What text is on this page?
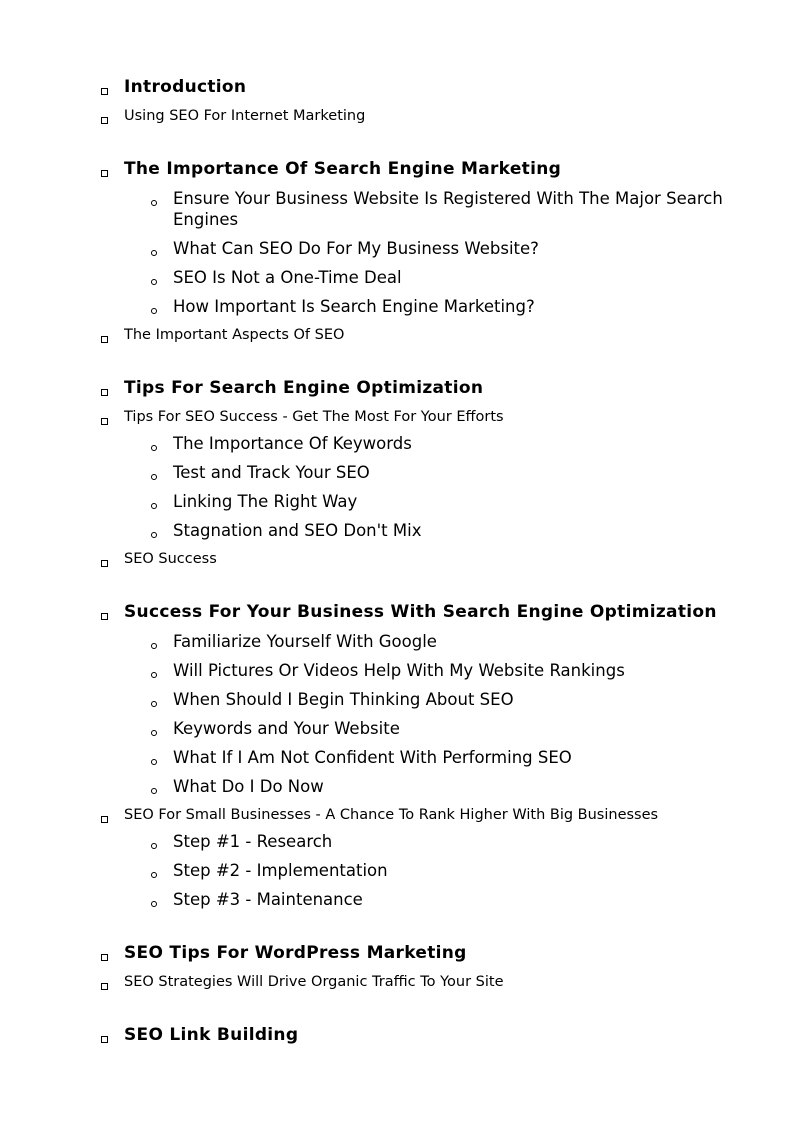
Introduction
Using SEO For Internet Marketing
The Importance Of Search Engine Marketing
Ensure Your Business Website Is Registered With The Major Search Engines
What Can SEO Do For My Business Website?
SEO Is Not a One-Time Deal
How Important Is Search Engine Marketing?
The Important Aspects Of SEO
Tips For Search Engine Optimization
Tips For SEO Success - Get The Most For Your Efforts
The Importance Of Keywords
Test and Track Your SEO
Linking The Right Way
Stagnation and SEO Don't Mix
SEO Success
Success For Your Business With Search Engine Optimization
Familiarize Yourself With Google
Will Pictures Or Videos Help With My Website Rankings
When Should I Begin Thinking About SEO
Keywords and Your Website
What If I Am Not Confident With Performing SEO
What Do I Do Now
SEO For Small Businesses - A Chance To Rank Higher With Big Businesses
Step #1 - Research
Step #2 - Implementation
Step #3 - Maintenance
SEO Tips For WordPress Marketing
SEO Strategies Will Drive Organic Traffic To Your Site
SEO Link Building
